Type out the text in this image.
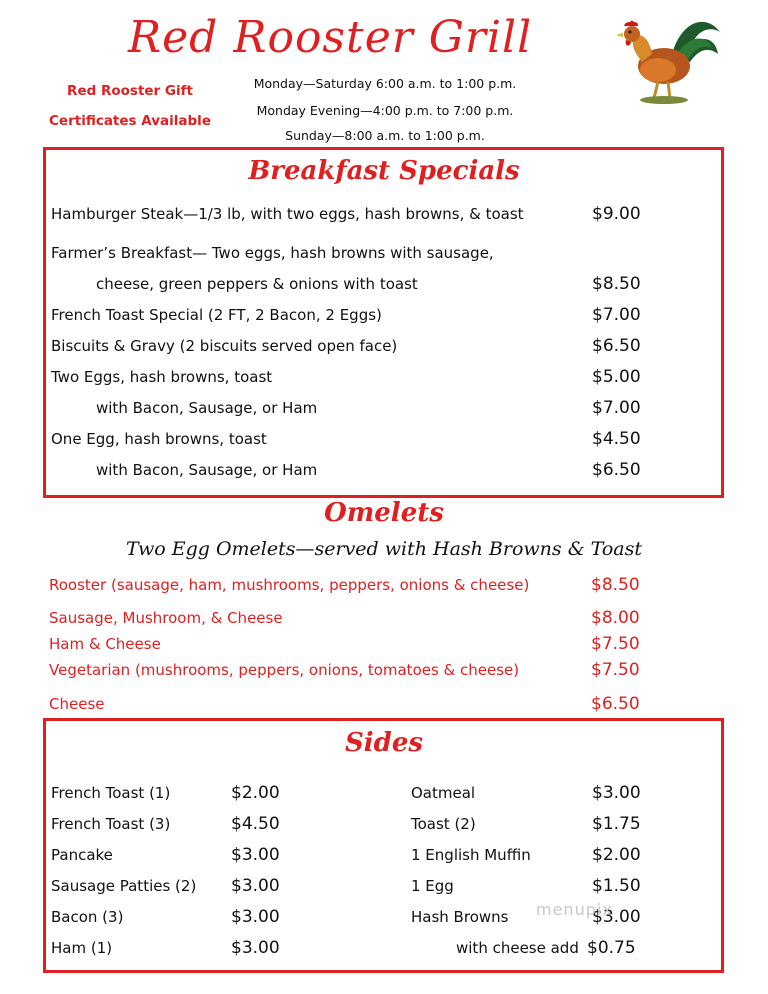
Red Rooster Grill
Red Rooster Gift
Certificates Available
Monday—Saturday 6:00 a.m. to 1:00 p.m.
Monday Evening—4:00 p.m. to 7:00 p.m.
Sunday—8:00 a.m. to 1:00 p.m.
Breakfast Specials
Hamburger Steak—1/3 lb, with two eggs, hash browns, & toast	$9.00
Farmer’s Breakfast— Two eggs, hash browns with sausage,
cheese, green peppers & onions with toast	$8.50
French Toast Special (2 FT, 2 Bacon, 2 Eggs)	$7.00
Biscuits & Gravy (2 biscuits served open face)	$6.50
Two Eggs, hash browns, toast	$5.00
with Bacon, Sausage, or Ham	$7.00
One Egg, hash browns, toast	$4.50
with Bacon, Sausage, or Ham	$6.50
Omelets
Two Egg Omelets—served with Hash Browns & Toast
Rooster (sausage, ham, mushrooms, peppers, onions & cheese)	$8.50
Sausage, Mushroom, & Cheese	$8.00
Ham & Cheese	$7.50
Vegetarian (mushrooms, peppers, onions, tomatoes & cheese)	$7.50
Cheese	$6.50
Sides
French Toast (1)	$2.00
French Toast (3)	$4.50
Pancake	$3.00
Sausage Patties (2) $3.00
Bacon (3)	$3.00
Ham (1)	$3.00
Oatmeal	$3.00
Toast (2)	$1.75
1 English Muffin	$2.00
1 Egg	$1.50
Hash Browns	$3.00
with cheese add $0.75
menupix
